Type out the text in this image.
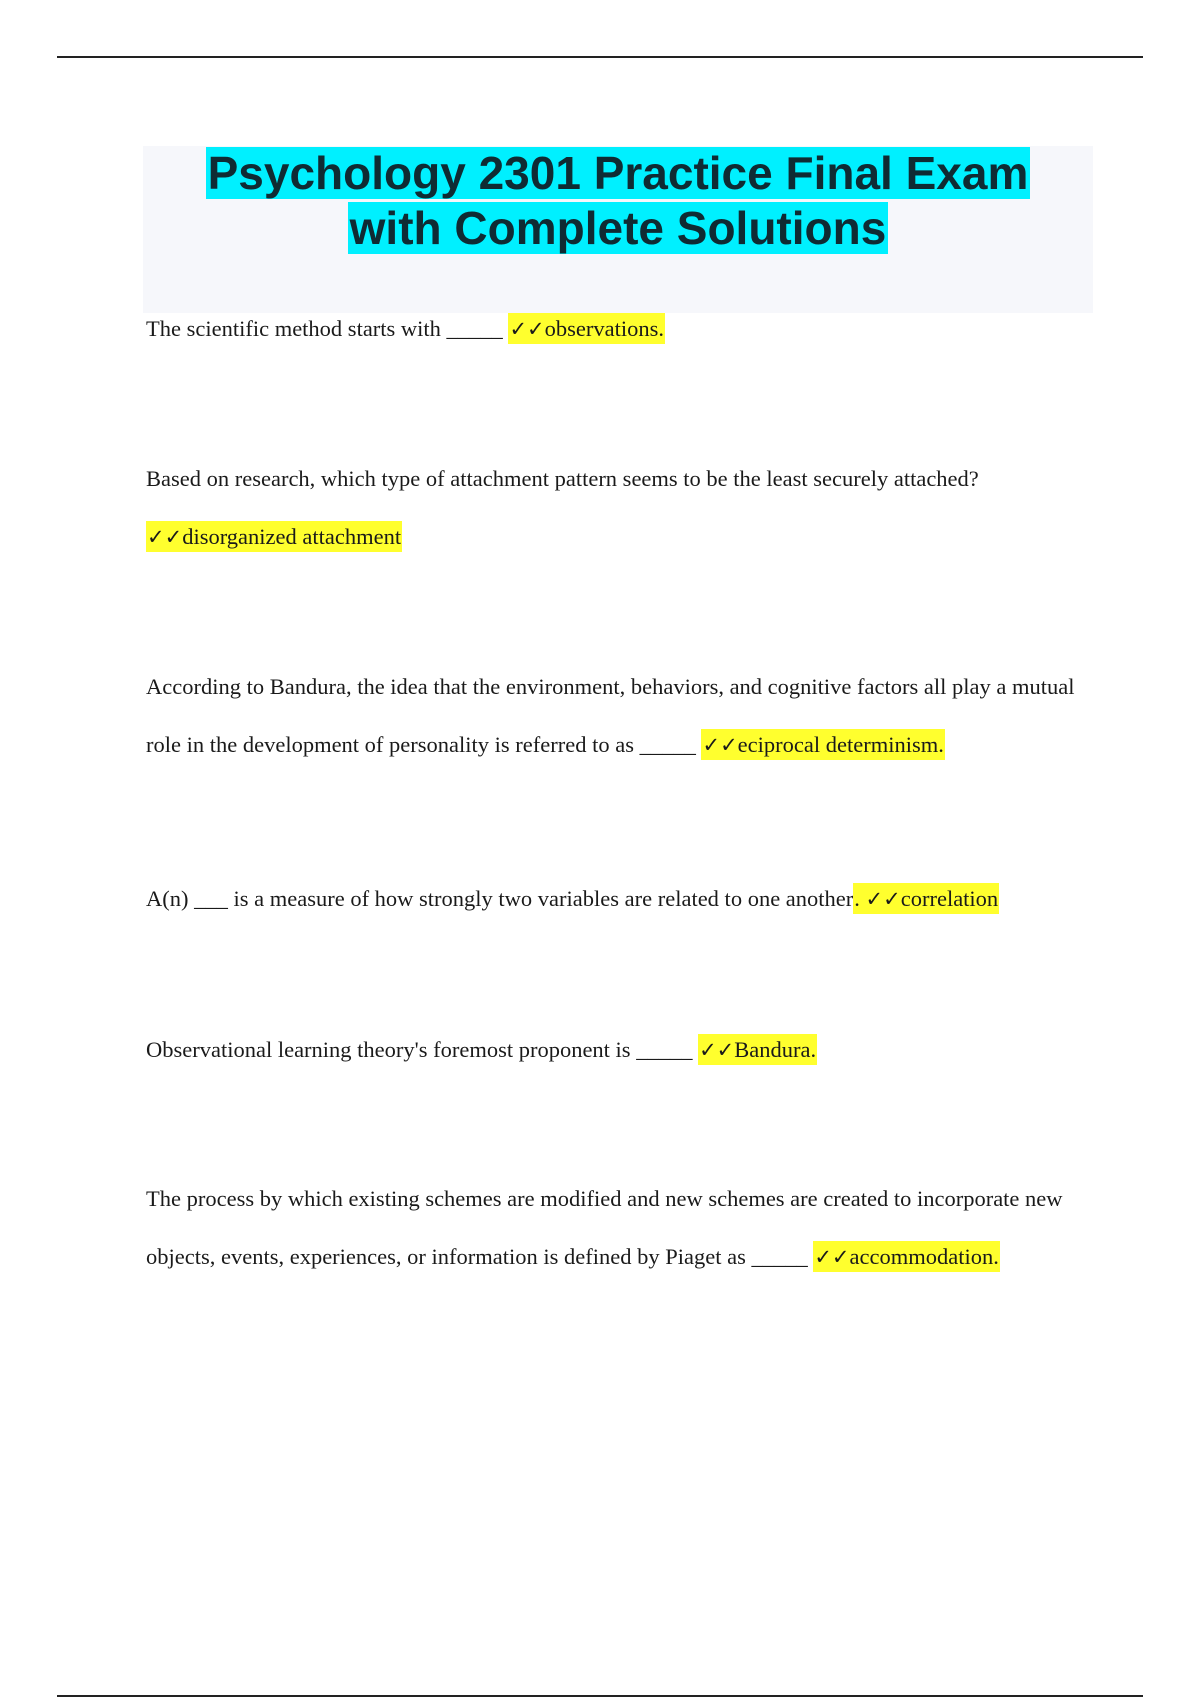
Psychology 2301 Practice Final Exam
with Complete Solutions

The scientific method starts with _____ ✓✓observations.

Based on research, which type of attachment pattern seems to be the least securely attached? ✓✓disorganized attachment

According to Bandura, the idea that the environment, behaviors, and cognitive factors all play a mutual role in the development of personality is referred to as _____ ✓✓eciprocal determinism.

A(n) ___ is a measure of how strongly two variables are related to one another. ✓✓correlation

Observational learning theory's foremost proponent is _____ ✓✓Bandura.

The process by which existing schemes are modified and new schemes are created to incorporate new objects, events, experiences, or information is defined by Piaget as _____ ✓✓accommodation.
